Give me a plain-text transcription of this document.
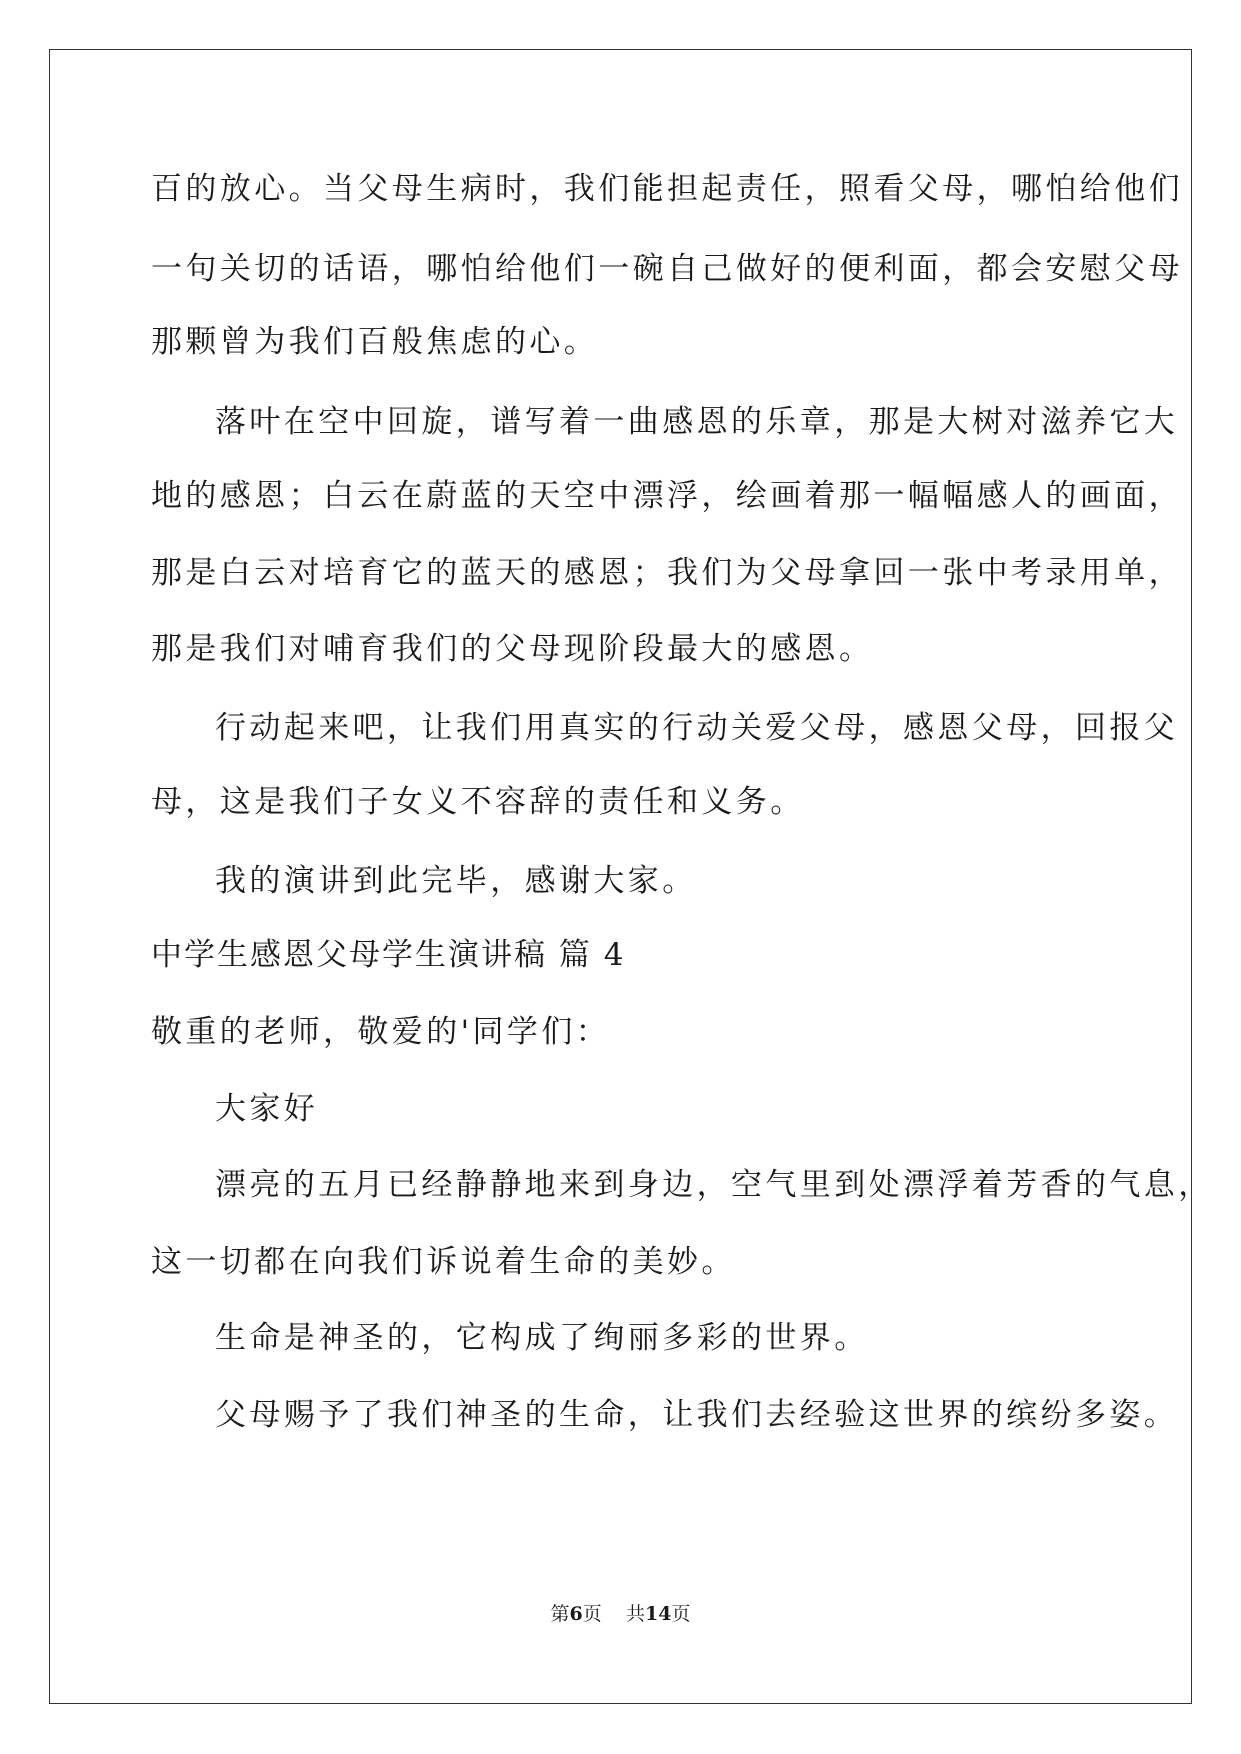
百的放心。当父母生病时，我们能担起责任，照看父母，哪怕给他们
一句关切的话语，哪怕给他们一碗自己做好的便利面，都会安慰父母
那颗曾为我们百般焦虑的心。
落叶在空中回旋，谱写着一曲感恩的乐章，那是大树对滋养它大
地的感恩；白云在蔚蓝的天空中漂浮，绘画着那一幅幅感人的画面，
那是白云对培育它的蓝天的感恩；我们为父母拿回一张中考录用单，
那是我们对哺育我们的父母现阶段最大的感恩。
行动起来吧，让我们用真实的行动关爱父母，感恩父母，回报父
母，这是我们子女义不容辞的责任和义务。
我的演讲到此完毕，感谢大家。
中学生感恩父母学生演讲稿 篇 4
敬重的老师，敬爱的'同学们：
大家好
漂亮的五月已经静静地来到身边，空气里到处漂浮着芳香的气息，
这一切都在向我们诉说着生命的美妙。
生命是神圣的，它构成了绚丽多彩的世界。
父母赐予了我们神圣的生命，让我们去经验这世界的缤纷多姿。
第6页 共14页
